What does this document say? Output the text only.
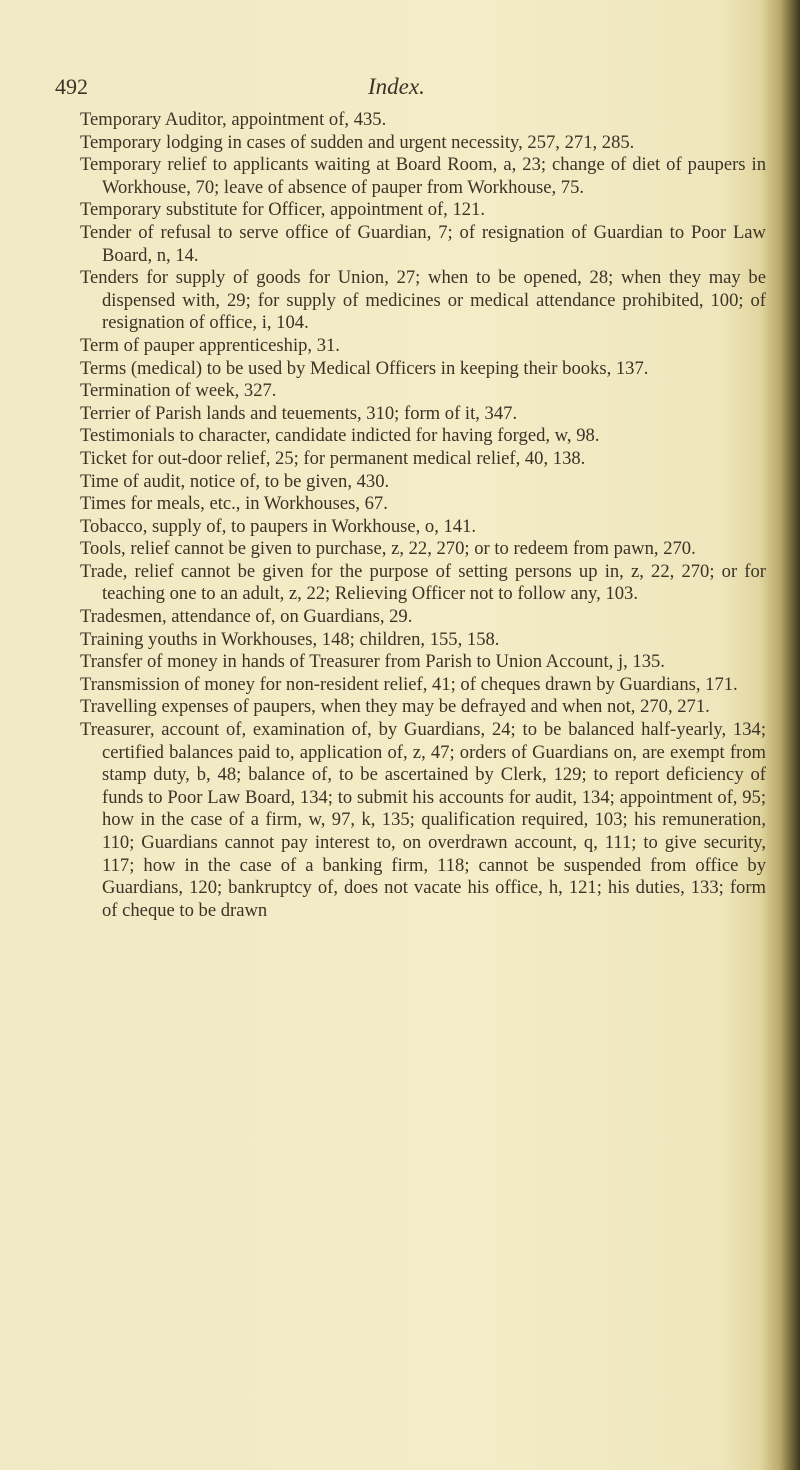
492	Index.
Temporary Auditor, appointment of, 435.
Temporary lodging in cases of sudden and urgent necessity, 257, 271, 285.
Temporary relief to applicants waiting at Board Room, a, 23; change of diet of paupers in Workhouse, 70; leave of absence of pauper from Workhouse, 75.
Temporary substitute for Officer, appointment of, 121.
Tender of refusal to serve office of Guardian, 7; of resignation of Guardian to Poor Law Board, n, 14.
Tenders for supply of goods for Union, 27; when to be opened, 28; when they may be dispensed with, 29; for supply of medicines or medical attendance prohibited, 100; of resignation of office, i, 104.
Term of pauper apprenticeship, 31.
Terms (medical) to be used by Medical Officers in keeping their books, 137.
Termination of week, 327.
Terrier of Parish lands and teuements, 310; form of it, 347.
Testimonials to character, candidate indicted for having forged, w, 98.
Ticket for out-door relief, 25; for permanent medical relief, 40, 138.
Time of audit, notice of, to be given, 430.
Times for meals, etc., in Workhouses, 67.
Tobacco, supply of, to paupers in Workhouse, o, 141.
Tools, relief cannot be given to purchase, z, 22, 270; or to redeem from pawn, 270.
Trade, relief cannot be given for the purpose of setting persons up in, z, 22, 270; or for teaching one to an adult, z, 22; Relieving Officer not to follow any, 103.
Tradesmen, attendance of, on Guardians, 29.
Training youths in Workhouses, 148; children, 155, 158.
Transfer of money in hands of Treasurer from Parish to Union Account, j, 135.
Transmission of money for non-resident relief, 41; of cheques drawn by Guardians, 171.
Travelling expenses of paupers, when they may be defrayed and when not, 270, 271.
Treasurer, account of, examination of, by Guardians, 24; to be balanced half-yearly, 134; certified balances paid to, application of, z, 47; orders of Guardians on, are exempt from stamp duty, b, 48; balance of, to be ascertained by Clerk, 129; to report deficiency of funds to Poor Law Board, 134; to submit his accounts for audit, 134; appointment of, 95; how in the case of a firm, w, 97, k, 135; qualification required, 103; his remuneration, 110; Guardians cannot pay interest to, on overdrawn account, q, 111; to give security, 117; how in the case of a banking firm, 118; cannot be suspended from office by Guardians, 120; bankruptcy of, does not vacate his office, h, 121; his duties, 133; form of cheque to be drawn
